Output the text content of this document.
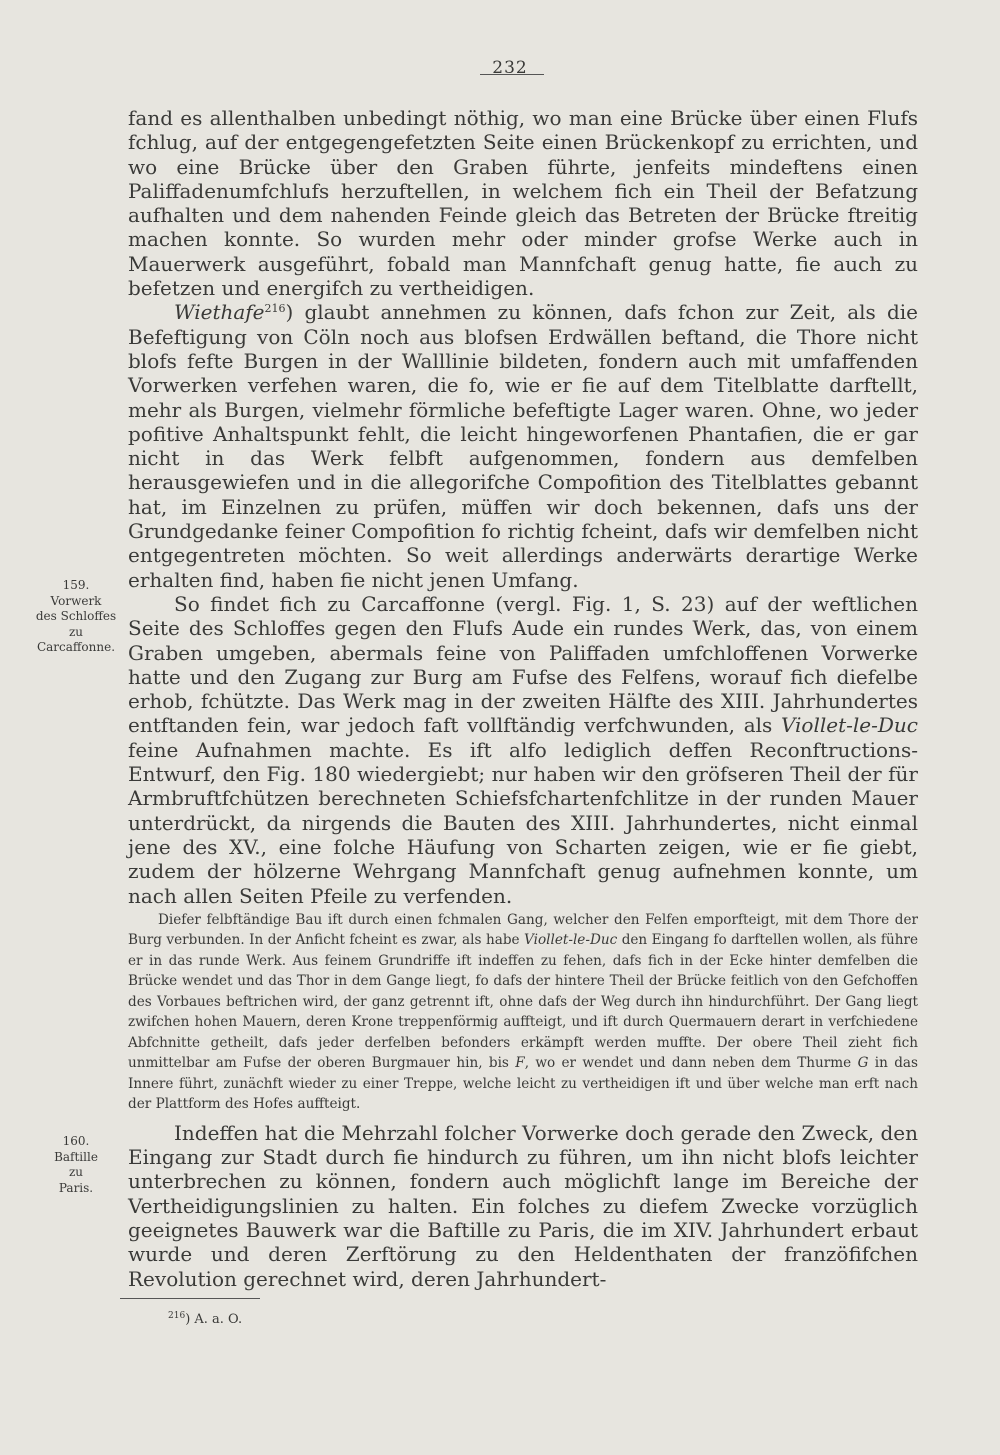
232
159.
Vorwerk
des Schloffes
zu
Carcaffonne.
160.
Baftille
zu
Paris.

fand es allenthalben unbedingt nöthig, wo man eine Brücke über einen Flufs fchlug, auf der entgegengefetzten Seite einen Brückenkopf zu errichten, und wo eine Brücke über den Graben führte, jenfeits mindeftens einen Paliffadenumfchlufs herzuftellen, in welchem fich ein Theil der Befatzung aufhalten und dem nahenden Feinde gleich das Betreten der Brücke ftreitig machen konnte. So wurden mehr oder minder grofse Werke auch in Mauerwerk ausgeführt, fobald man Mannfchaft genug hatte, fie auch zu befetzen und energifch zu vertheidigen.

Wiethafe$^{216}$) glaubt annehmen zu können, dafs fchon zur Zeit, als die Befeftigung von Cöln noch aus blofsen Erdwällen beftand, die Thore nicht blofs fefte Burgen in der Walllinie bildeten, fondern auch mit umfaffenden Vorwerken verfehen waren, die fo, wie er fie auf dem Titelblatte darftellt, mehr als Burgen, vielmehr förmliche befeftigte Lager waren. Ohne, wo jeder pofitive Anhaltspunkt fehlt, die leicht hingeworfenen Phantafien, die er gar nicht in das Werk felbft aufgenommen, fondern aus demfelben herausgewiefen und in die allegorifche Compofition des Titelblattes gebannt hat, im Einzelnen zu prüfen, müffen wir doch bekennen, dafs uns der Grundgedanke feiner Compofition fo richtig fcheint, dafs wir demfelben nicht entgegentreten möchten. So weit allerdings anderwärts derartige Werke erhalten find, haben fie nicht jenen Umfang.

So findet fich zu Carcaffonne (vergl. Fig. 1, S. 23) auf der weftlichen Seite des Schloffes gegen den Flufs Aude ein rundes Werk, das, von einem Graben umgeben, abermals feine von Paliffaden umfchloffenen Vorwerke hatte und den Zugang zur Burg am Fufse des Felfens, worauf fich diefelbe erhob, fchützte. Das Werk mag in der zweiten Hälfte des XIII. Jahrhundertes entftanden fein, war jedoch faft vollftändig verfchwunden, als Viollet-le-Duc feine Aufnahmen machte. Es ift alfo lediglich deffen Reconftructions-Entwurf, den Fig. 180 wiedergiebt; nur haben wir den gröfseren Theil der für Armbruftfchützen berechneten Schiefsfchartenfchlitze in der runden Mauer unterdrückt, da nirgends die Bauten des XIII. Jahrhundertes, nicht einmal jene des XV., eine folche Häufung von Scharten zeigen, wie er fie giebt, zudem der hölzerne Wehrgang Mannfchaft genug aufnehmen konnte, um nach allen Seiten Pfeile zu verfenden.

Diefer felbftändige Bau ift durch einen fchmalen Gang, welcher den Felfen emporfteigt, mit dem Thore der Burg verbunden. In der Anficht fcheint es zwar, als habe Viollet-le-Duc den Eingang fo darftellen wollen, als führe er in das runde Werk. Aus feinem Grundriffe ift indeffen zu fehen, dafs fich in der Ecke hinter demfelben die Brücke wendet und das Thor in dem Gange liegt, fo dafs der hintere Theil der Brücke feitlich von den Gefchoffen des Vorbaues beftrichen wird, der ganz getrennt ift, ohne dafs der Weg durch ihn hindurchführt. Der Gang liegt zwifchen hohen Mauern, deren Krone treppenförmig auffteigt, und ift durch Quermauern derart in verfchiedene Abfchnitte getheilt, dafs jeder derfelben befonders erkämpft werden muffte. Der obere Theil zieht fich unmittelbar am Fufse der oberen Burgmauer hin, bis F, wo er wendet und dann neben dem Thurme G in das Innere führt, zunächft wieder zu einer Treppe, welche leicht zu vertheidigen ift und über welche man erft nach der Plattform des Hofes auffteigt.

Indeffen hat die Mehrzahl folcher Vorwerke doch gerade den Zweck, den Eingang zur Stadt durch fie hindurch zu führen, um ihn nicht blofs leichter unterbrechen zu können, fondern auch möglichft lange im Bereiche der Vertheidigungslinien zu halten. Ein folches zu diefem Zwecke vorzüglich geeignetes Bauwerk war die Baftille zu Paris, die im XIV. Jahrhundert erbaut wurde und deren Zerftörung zu den Heldenthaten der franzöfifchen Revolution gerechnet wird, deren Jahrhundert-

$^{216}$) A. a. O.
